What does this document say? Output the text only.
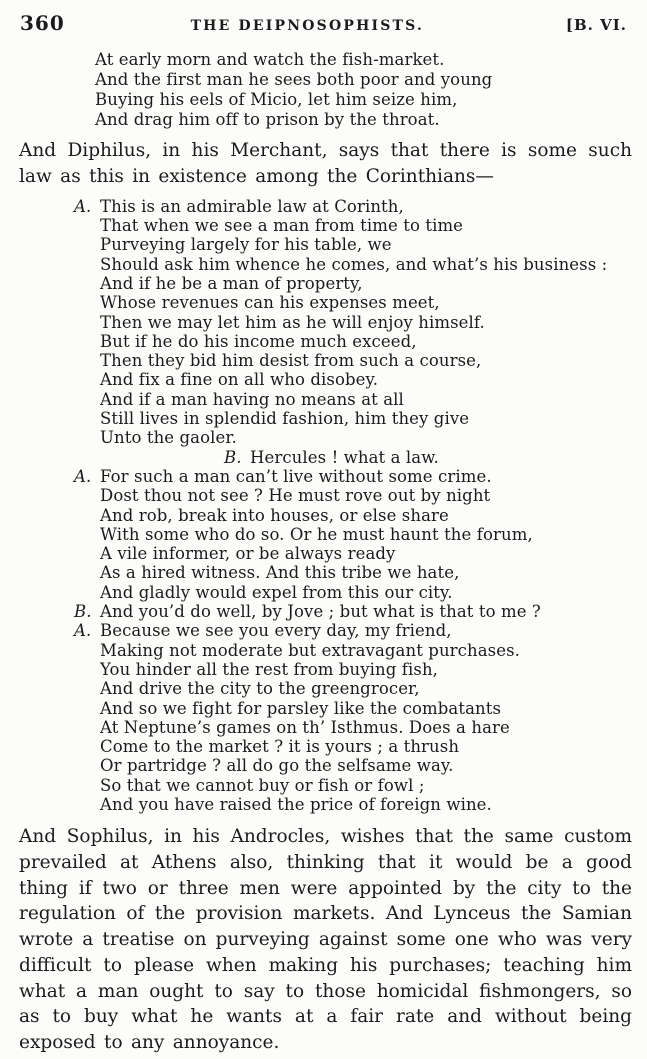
360	THE DEIPNOSOPHISTS.	[B. VI.
At early morn and watch the fish-market.
And the first man he sees both poor and young
Buying his eels of Micio, let him seize him,
And drag him off to prison by the throat.

And Diphilus, in his Merchant, says that there is some such law as this in existence among the Corinthians—

A. This is an admirable law at Corinth,
That when we see a man from time to time
Purveying largely for his table, we
Should ask him whence he comes, and what’s his business :
And if he be a man of property,
Whose revenues can his expenses meet,
Then we may let him as he will enjoy himself.
But if he do his income much exceed,
Then they bid him desist from such a course,
And fix a fine on all who disobey.
And if a man having no means at all
Still lives in splendid fashion, him they give
Unto the gaoler.
B. Hercules ! what a law.
A. For such a man can’t live without some crime.
Dost thou not see ? He must rove out by night
And rob, break into houses, or else share
With some who do so. Or he must haunt the forum,
A vile informer, or be always ready
As a hired witness. And this tribe we hate,
And gladly would expel from this our city.
B. And you’d do well, by Jove ; but what is that to me ?
A. Because we see you every day, my friend,
Making not moderate but extravagant purchases.
You hinder all the rest from buying fish,
And drive the city to the greengrocer,
And so we fight for parsley like the combatants
At Neptune’s games on th’ Isthmus. Does a hare
Come to the market ? it is yours ; a thrush
Or partridge ? all do go the selfsame way.
So that we cannot buy or fish or fowl ;
And you have raised the price of foreign wine.

And Sophilus, in his Androcles, wishes that the same custom prevailed at Athens also, thinking that it would be a good thing if two or three men were appointed by the city to the regulation of the provision markets. And Lynceus the Samian wrote a treatise on purveying against some one who was very difficult to please when making his purchases; teaching him what a man ought to say to those homicidal fishmongers, so as to buy what he wants at a fair rate and without being exposed to any annoyance.
